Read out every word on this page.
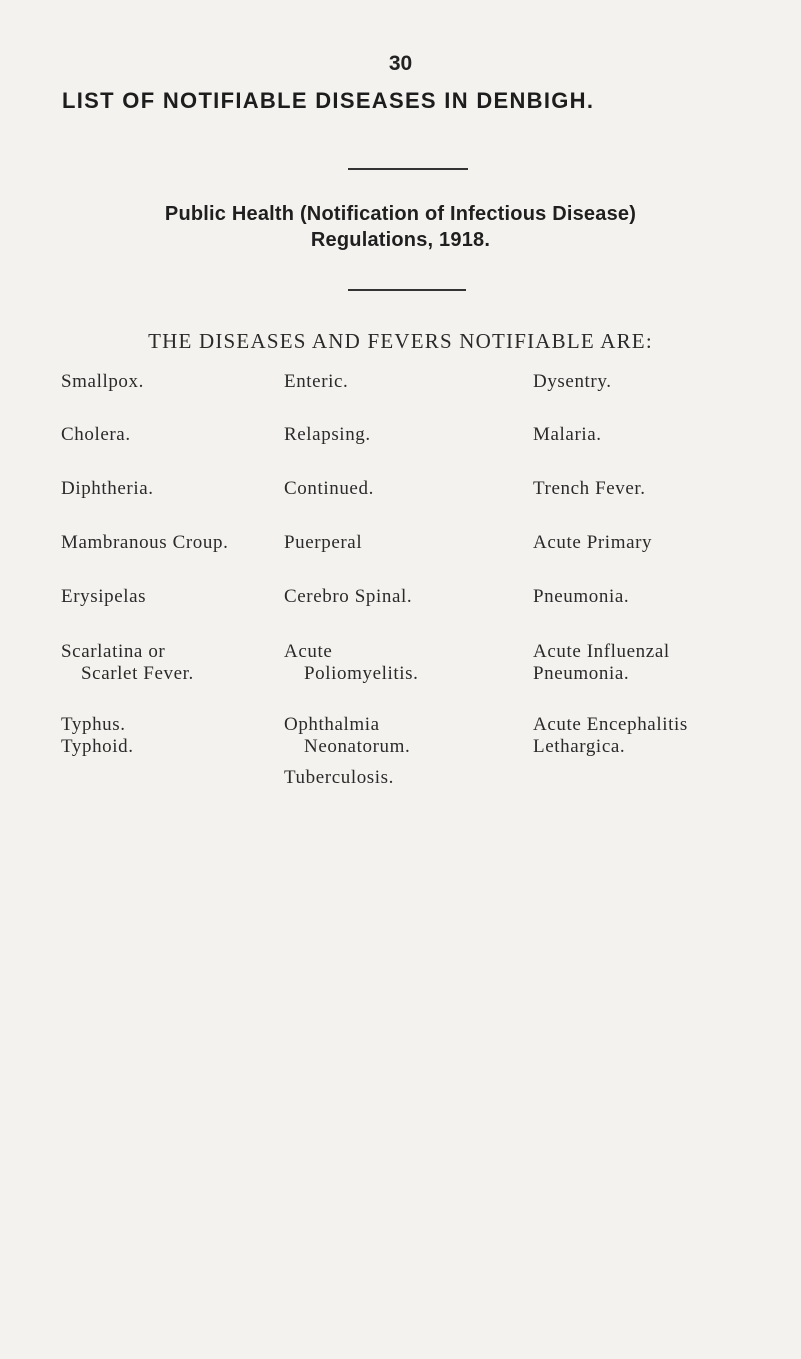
30
LIST OF NOTIFIABLE DISEASES IN DENBIGH.
Public Health (Notification of Infectious Disease)
Regulations, 1918.
THE DISEASES AND FEVERS NOTIFIABLE ARE:
Smallpox.
Cholera.
Diphtheria.
Mambranous Croup.
Erysipelas
Scarlatina or
Scarlet Fever.
Typhus.
Typhoid.
Enteric.
Relapsing.
Continued.
Puerperal
Cerebro Spinal.
Acute
Poliomyelitis.
Ophthalmia
Neonatorum.
Tuberculosis.
Dysentry.
Malaria.
Trench Fever.
Acute Primary
Pneumonia.
Acute Influenzal
Pneumonia.
Acute Encephalitis
Lethargica.
